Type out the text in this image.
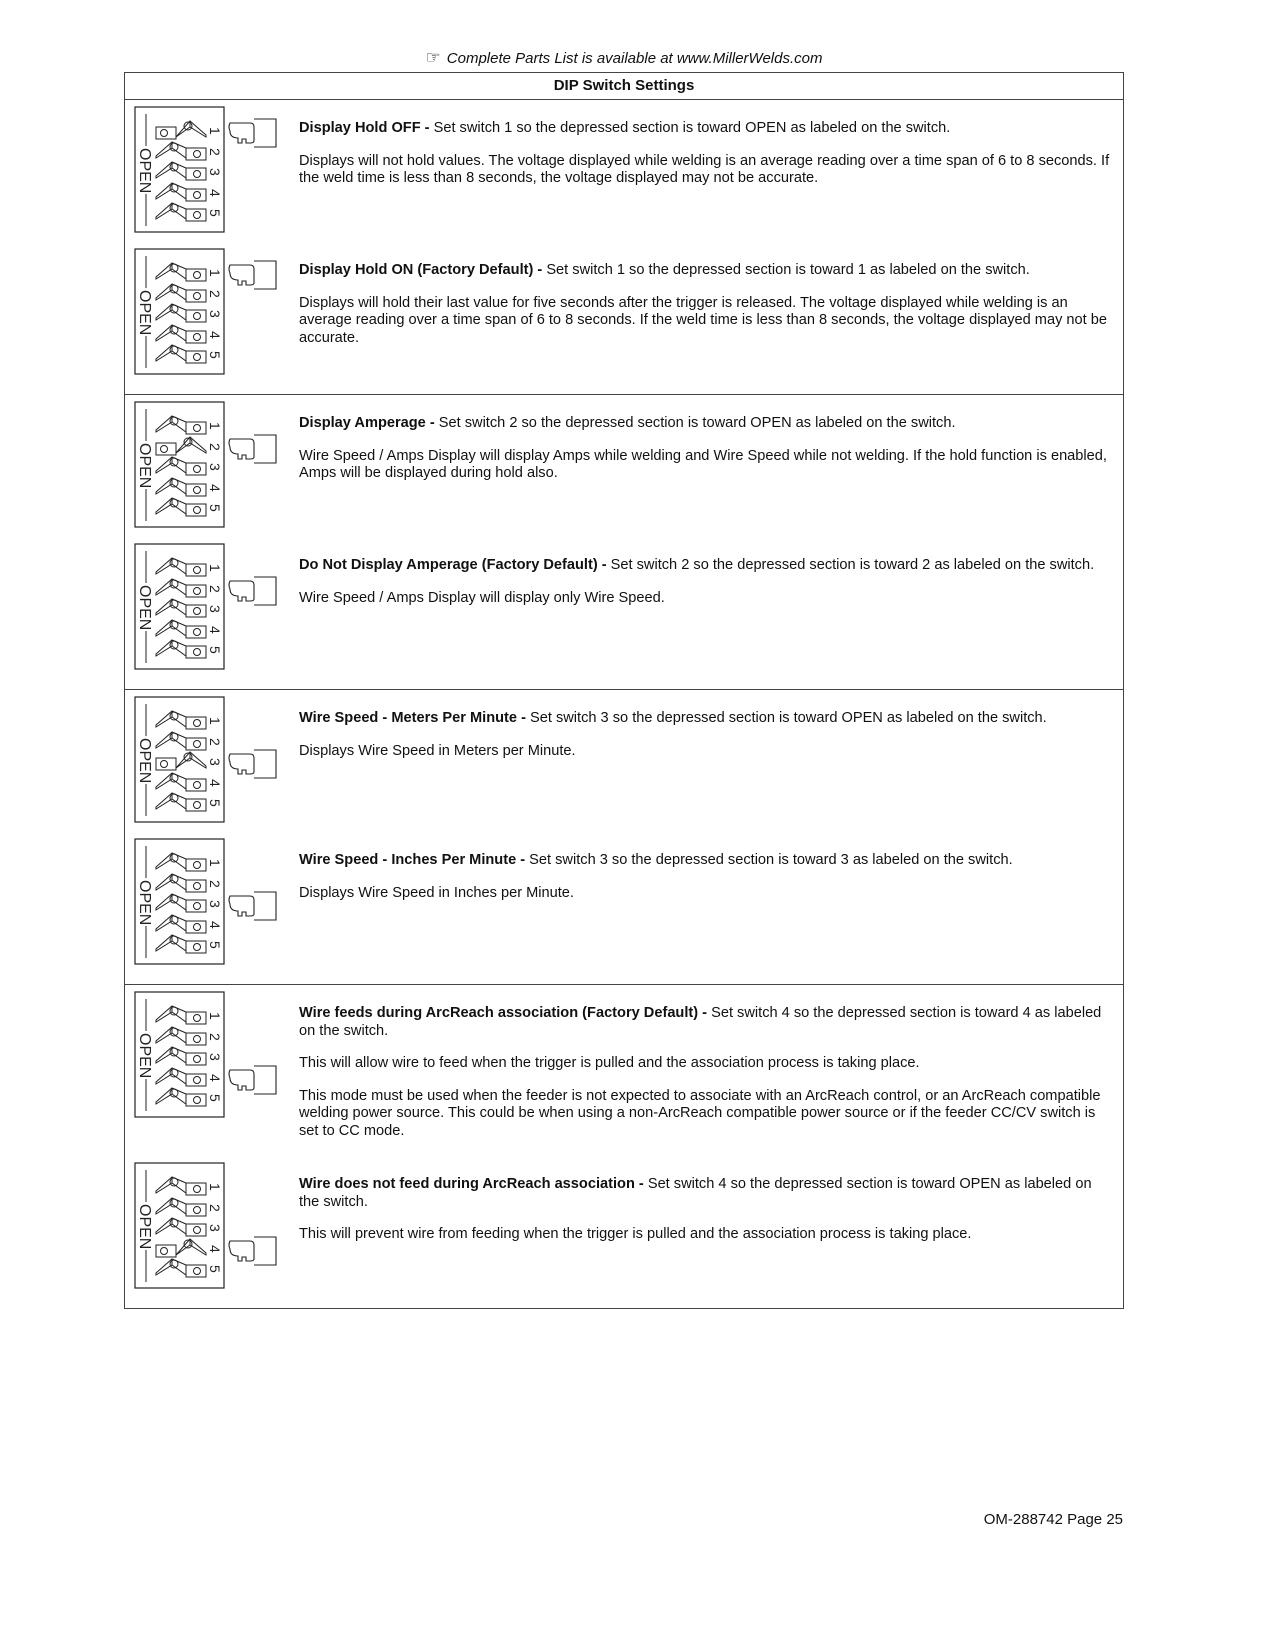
☞ Complete Parts List is available at www.MillerWelds.com
DIP Switch Settings
OPEN
1
2
3
4
5

Display Hold OFF - Set switch 1 so the depressed section is toward OPEN as labeled on the switch.

Displays will not hold values. The voltage displayed while welding is an average reading over a time span of 6 to 8 seconds. If the weld time is less than 8 seconds, the voltage displayed may not be accurate.

OPEN
1
2
3
4
5

Display Hold ON (Factory Default) - Set switch 1 so the depressed section is toward 1 as labeled on the switch.

Displays will hold their last value for five seconds after the trigger is released. The voltage displayed while welding is an average reading over a time span of 6 to 8 seconds. If the weld time is less than 8 seconds, the voltage displayed may not be accurate.

OPEN
1
2
3
4
5

Display Amperage - Set switch 2 so the depressed section is toward OPEN as labeled on the switch.

Wire Speed / Amps Display will display Amps while welding and Wire Speed while not welding. If the hold function is enabled, Amps will be displayed during hold also.

OPEN
1
2
3
4
5

Do Not Display Amperage (Factory Default) - Set switch 2 so the depressed section is toward 2 as labeled on the switch.

Wire Speed / Amps Display will display only Wire Speed.

OPEN
1
2
3
4
5

Wire Speed - Meters Per Minute - Set switch 3 so the depressed section is toward OPEN as labeled on the switch.

Displays Wire Speed in Meters per Minute.

OPEN
1
2
3
4
5

Wire Speed - Inches Per Minute - Set switch 3 so the depressed section is toward 3 as labeled on the switch.

Displays Wire Speed in Inches per Minute.

OPEN
1
2
3
4
5

Wire feeds during ArcReach association (Factory Default) - Set switch 4 so the depressed section is toward 4 as labeled on the switch.

This will allow wire to feed when the trigger is pulled and the association process is taking place.

This mode must be used when the feeder is not expected to associate with an ArcReach control, or an ArcReach compatible welding power source. This could be when using a non-ArcReach compatible power source or if the feeder CC/CV switch is set to CC mode.

OPEN
1
2
3
4
5

Wire does not feed during ArcReach association - Set switch 4 so the depressed section is toward OPEN as labeled on the switch.

This will prevent wire from feeding when the trigger is pulled and the association process is taking place.

OM-288742 Page 25
